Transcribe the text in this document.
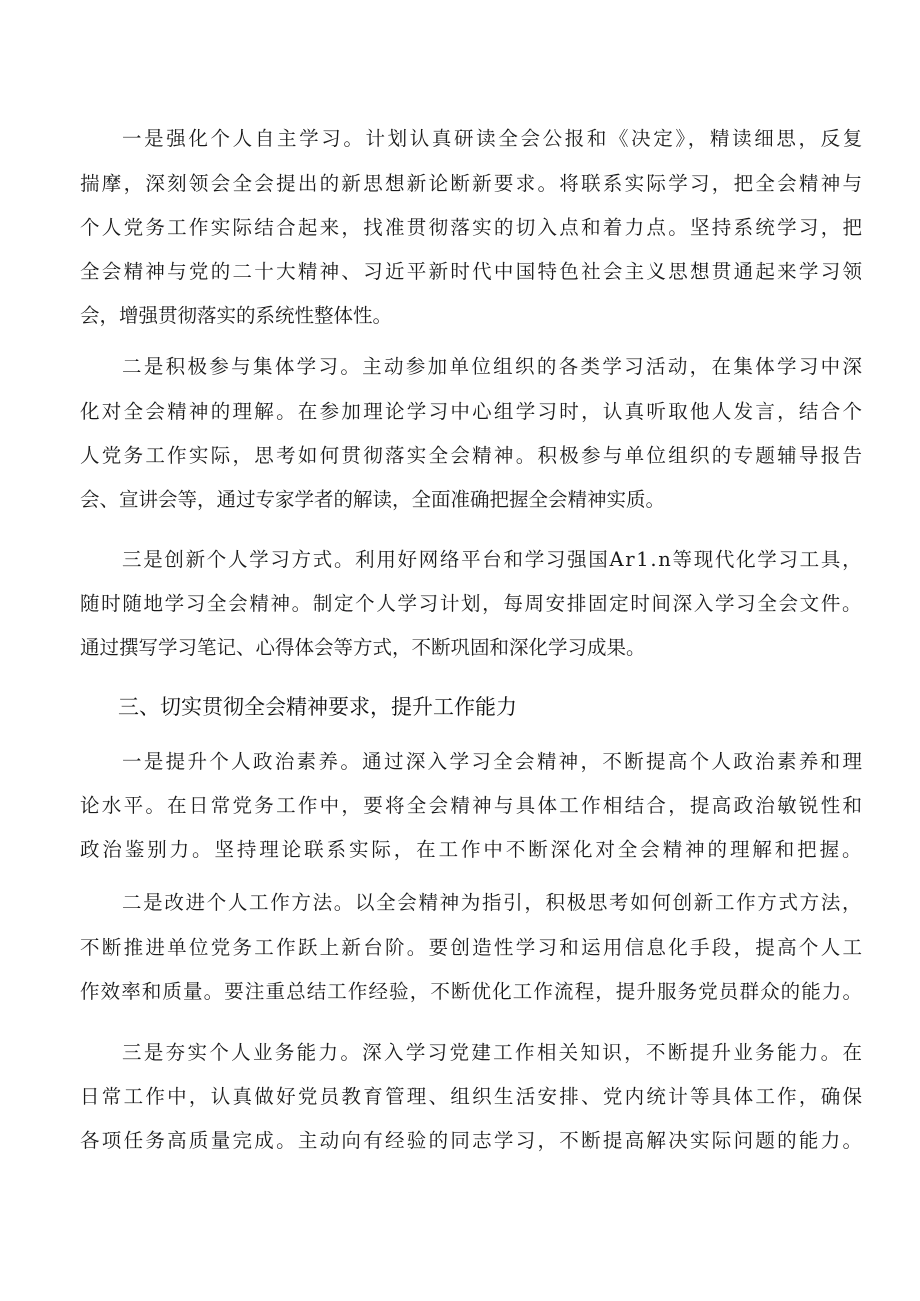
一是强化个人自主学习。计划认真研读全会公报和《决定》，精读细思，反复
揣摩，深刻领会全会提出的新思想新论断新要求。将联系实际学习，把全会精神与
个人党务工作实际结合起来，找准贯彻落实的切入点和着力点。坚持系统学习，把
全会精神与党的二十大精神、习近平新时代中国特色社会主义思想贯通起来学习领
会，增强贯彻落实的系统性整体性。
二是积极参与集体学习。主动参加单位组织的各类学习活动，在集体学习中深
化对全会精神的理解。在参加理论学习中心组学习时，认真听取他人发言，结合个
人党务工作实际，思考如何贯彻落实全会精神。积极参与单位组织的专题辅导报告
会、宣讲会等，通过专家学者的解读，全面准确把握全会精神实质。
三是创新个人学习方式。利用好网络平台和学习强国Ar1.n等现代化学习工具，
随时随地学习全会精神。制定个人学习计划，每周安排固定时间深入学习全会文件。
通过撰写学习笔记、心得体会等方式，不断巩固和深化学习成果。
三、切实贯彻全会精神要求，提升工作能力
一是提升个人政治素养。通过深入学习全会精神，不断提高个人政治素养和理
论水平。在日常党务工作中，要将全会精神与具体工作相结合，提高政治敏锐性和
政治鉴别力。坚持理论联系实际，在工作中不断深化对全会精神的理解和把握。
二是改进个人工作方法。以全会精神为指引，积极思考如何创新工作方式方法，
不断推进单位党务工作跃上新台阶。要创造性学习和运用信息化手段，提高个人工
作效率和质量。要注重总结工作经验，不断优化工作流程，提升服务党员群众的能力。
三是夯实个人业务能力。深入学习党建工作相关知识，不断提升业务能力。在
日常工作中，认真做好党员教育管理、组织生活安排、党内统计等具体工作，确保
各项任务高质量完成。主动向有经验的同志学习，不断提高解决实际问题的能力。
